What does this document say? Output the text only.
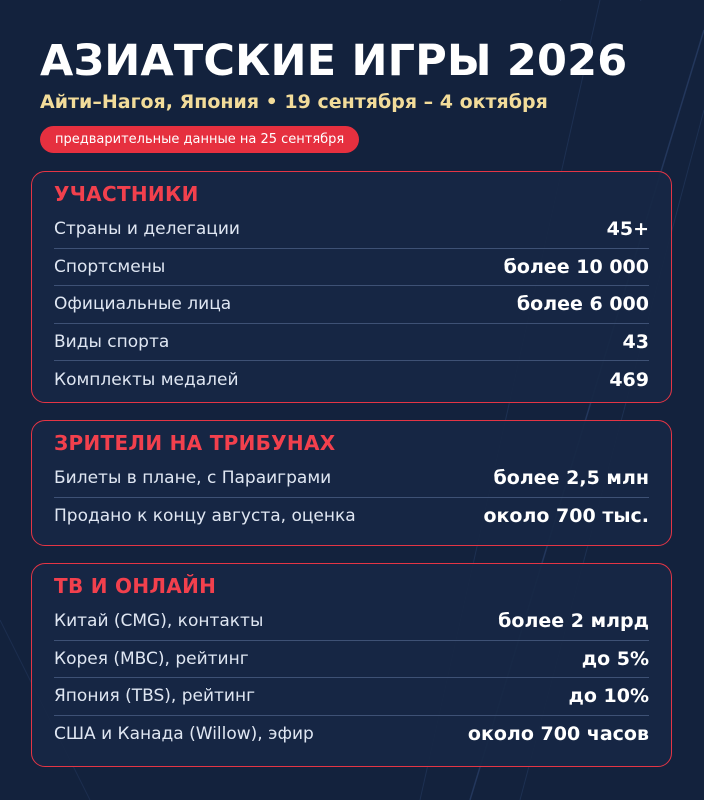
АЗИАТСКИЕ ИГРЫ 2026
Айти–Нагоя, Япония • 19 сентября – 4 октября
предварительные данные на 25 сентября
УЧАСТНИКИ
Страны и делегации	45+
Спортсмены	более 10 000
Официальные лица	более 6 000
Виды спорта	43
Комплекты медалей	469
ЗРИТЕЛИ НА ТРИБУНАХ
Билеты в плане, с Параиграми	более 2,5 млн
Продано к концу августа, оценка	около 700 тыс.
ТВ И ОНЛАЙН
Китай (CMG), контакты	более 2 млрд
Корея (MBC), рейтинг	до 5%
Япония (TBS), рейтинг	до 10%
США и Канада (Willow), эфир	около 700 часов
